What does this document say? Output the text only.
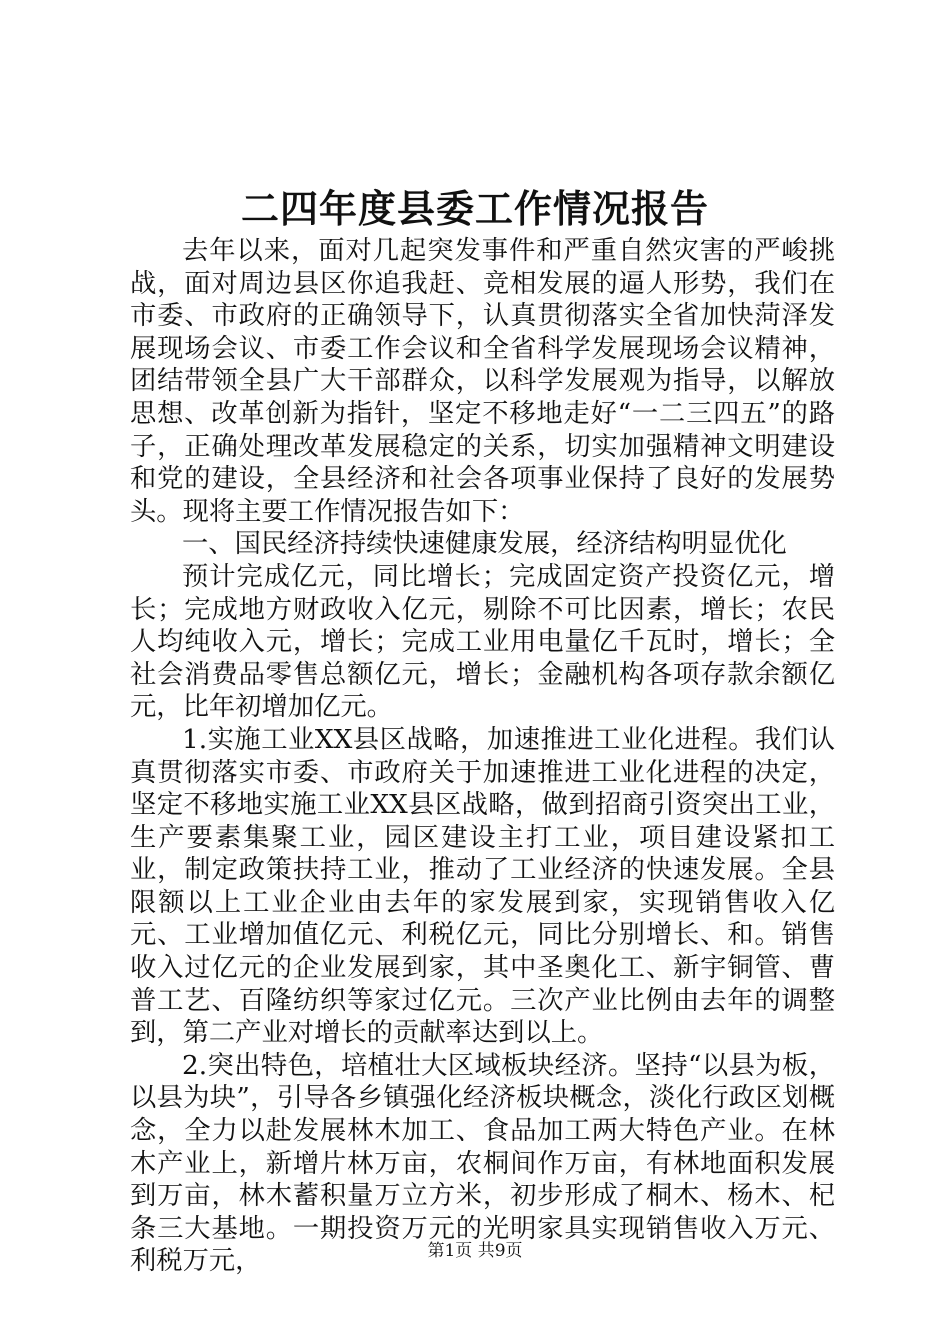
二四年度县委工作情况报告

去年以来，面对几起突发事件和严重自然灾害的严峻挑战，面对周边县区你追我赶、竞相发展的逼人形势，我们在市委、市政府的正确领导下，认真贯彻落实全省加快菏泽发展现场会议、市委工作会议和全省科学发展现场会议精神，团结带领全县广大干部群众，以科学发展观为指导，以解放思想、改革创新为指针，坚定不移地走好“一二三四五”的路子，正确处理改革发展稳定的关系，切实加强精神文明建设和党的建设，全县经济和社会各项事业保持了良好的发展势头。现将主要工作情况报告如下：

一、国民经济持续快速健康发展，经济结构明显优化

预计完成亿元，同比增长；完成固定资产投资亿元，增长；完成地方财政收入亿元，剔除不可比因素，增长；农民人均纯收入元，增长；完成工业用电量亿千瓦时，增长；全社会消费品零售总额亿元，增长；金融机构各项存款余额亿元，比年初增加亿元。

1.实施工业XX县区战略，加速推进工业化进程。我们认真贯彻落实市委、市政府关于加速推进工业化进程的决定，坚定不移地实施工业XX县区战略，做到招商引资突出工业，生产要素集聚工业，园区建设主打工业，项目建设紧扣工业，制定政策扶持工业，推动了工业经济的快速发展。全县限额以上工业企业由去年的家发展到家，实现销售收入亿元、工业增加值亿元、利税亿元，同比分别增长、和。销售收入过亿元的企业发展到家，其中圣奥化工、新宇铜管、曹普工艺、百隆纺织等家过亿元。三次产业比例由去年的调整到，第二产业对增长的贡献率达到以上。

2.突出特色，培植壮大区域板块经济。坚持“以县为板，以县为块”，引导各乡镇强化经济板块概念，淡化行政区划概念，全力以赴发展林木加工、食品加工两大特色产业。在林木产业上，新增片林万亩，农桐间作万亩，有林地面积发展到万亩，林木蓄积量万立方米，初步形成了桐木、杨木、杞条三大基地。一期投资万元的光明家具实现销售收入万元、利税万元，	第1页 共9页
